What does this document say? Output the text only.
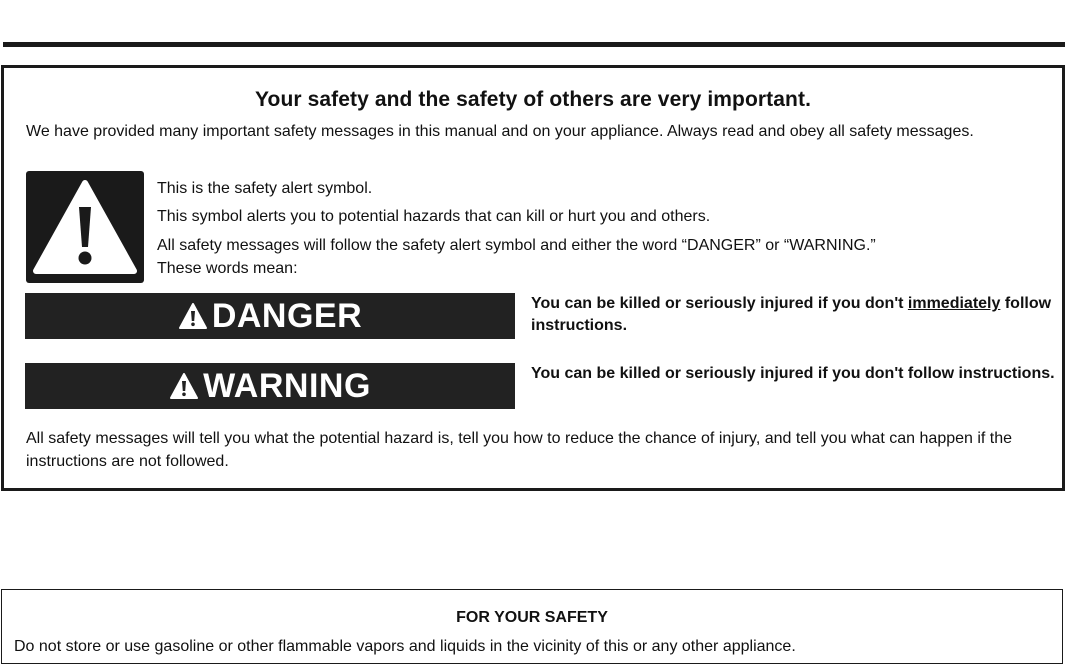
Your safety and the safety of others are very important.
We have provided many important safety messages in this manual and on your appliance. Always read and obey all safety messages.
This is the safety alert symbol.
This symbol alerts you to potential hazards that can kill or hurt you and others.
All safety messages will follow the safety alert symbol and either the word “DANGER” or “WARNING.”
These words mean:
DANGER	You can be killed or seriously injured if you don't immediately follow instructions.
WARNING	You can be killed or seriously injured if you don't follow instructions.
All safety messages will tell you what the potential hazard is, tell you how to reduce the chance of injury, and tell you what can happen if the instructions are not followed.
FOR YOUR SAFETY
Do not store or use gasoline or other flammable vapors and liquids in the vicinity of this or any other appliance.
